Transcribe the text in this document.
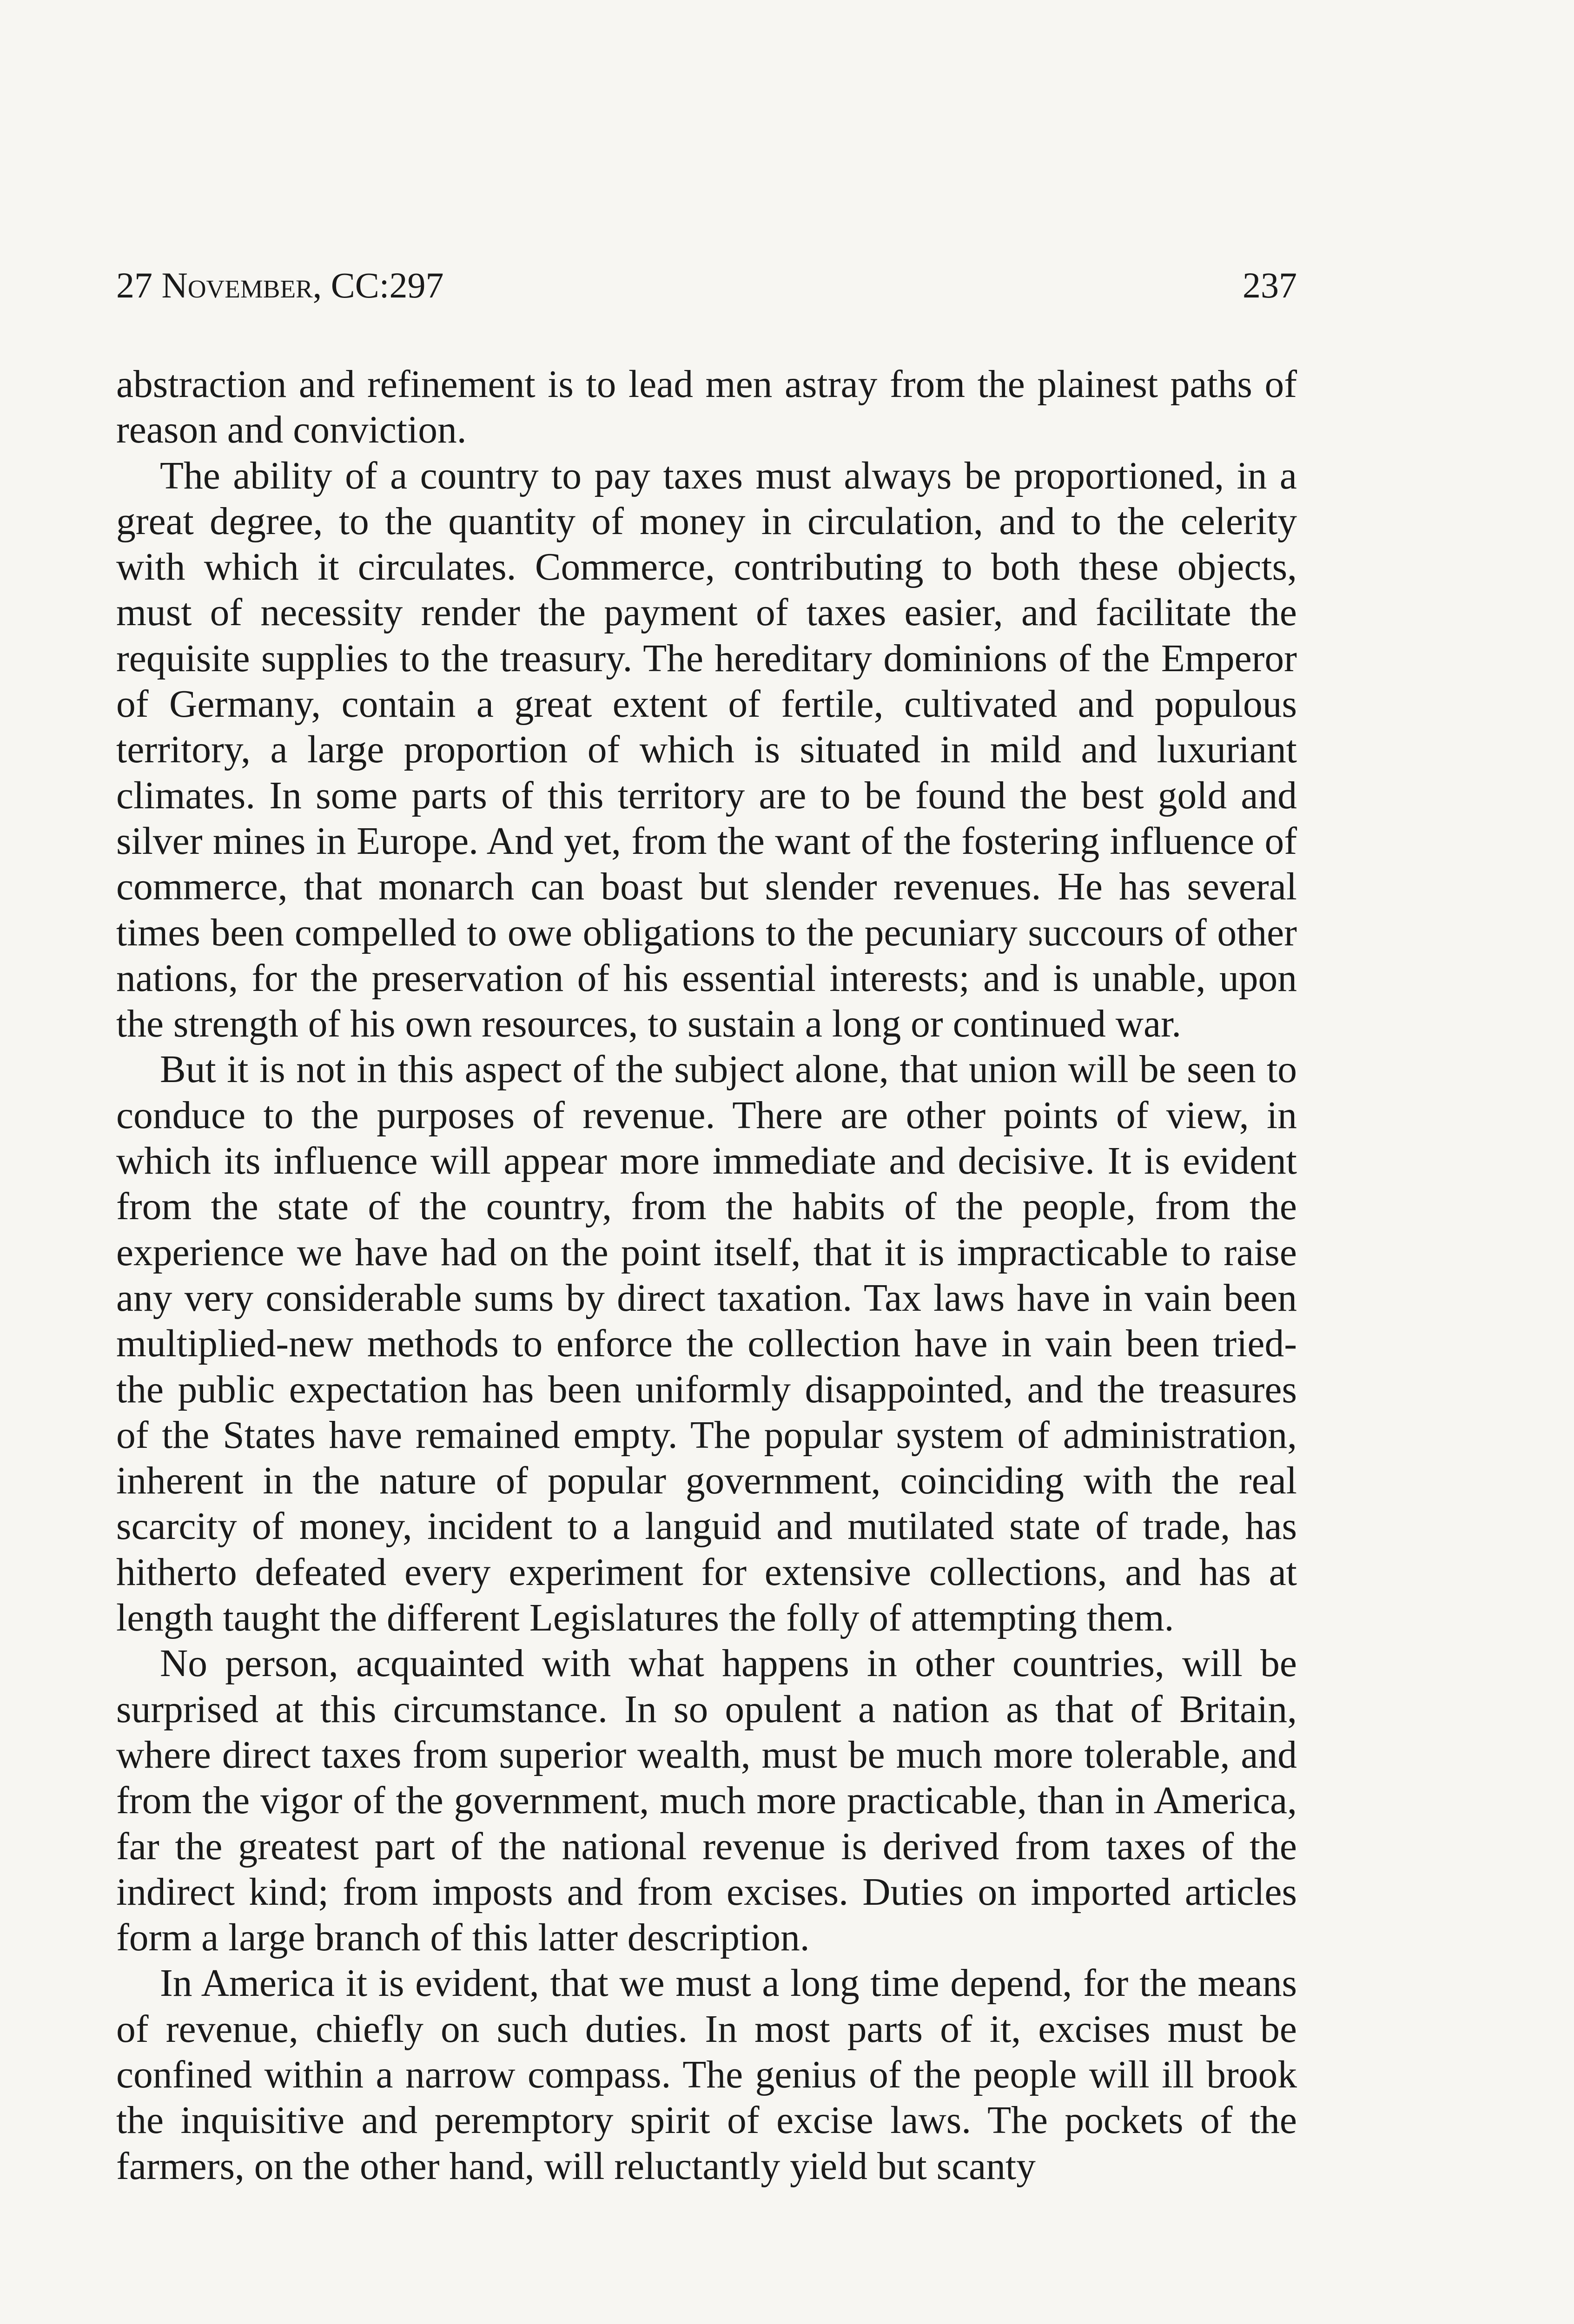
27 November, CC:297	237

abstraction and refinement is to lead men astray from the plainest paths of reason and conviction.

The ability of a country to pay taxes must always be proportioned, in a great degree, to the quantity of money in circulation, and to the celerity with which it circulates. Commerce, contributing to both these objects, must of necessity render the payment of taxes easier, and facilitate the requisite supplies to the treasury. The hereditary dominions of the Emperor of Germany, contain a great extent of fertile, cultivated and populous territory, a large proportion of which is situated in mild and luxuriant climates. In some parts of this territory are to be found the best gold and silver mines in Europe. And yet, from the want of the fostering influence of commerce, that monarch can boast but slender revenues. He has several times been compelled to owe obligations to the pecuniary succours of other nations, for the preservation of his essential interests; and is unable, upon the strength of his own resources, to sustain a long or continued war.

But it is not in this aspect of the subject alone, that union will be seen to conduce to the purposes of revenue. There are other points of view, in which its influence will appear more immediate and decisive. It is evident from the state of the country, from the habits of the people, from the experience we have had on the point itself, that it is impracticable to raise any very considerable sums by direct taxation. Tax laws have in vain been multiplied-new methods to enforce the collection have in vain been tried-the public expectation has been uniformly disappointed, and the treasures of the States have remained empty. The popular system of administration, inherent in the nature of popular government, coinciding with the real scarcity of money, incident to a languid and mutilated state of trade, has hitherto defeated every experiment for extensive collections, and has at length taught the different Legislatures the folly of attempting them.

No person, acquainted with what happens in other countries, will be surprised at this circumstance. In so opulent a nation as that of Britain, where direct taxes from superior wealth, must be much more tolerable, and from the vigor of the government, much more practicable, than in America, far the greatest part of the national revenue is derived from taxes of the indirect kind; from imposts and from excises. Duties on imported articles form a large branch of this latter description.

In America it is evident, that we must a long time depend, for the means of revenue, chiefly on such duties. In most parts of it, excises must be confined within a narrow compass. The genius of the people will ill brook the inquisitive and peremptory spirit of excise laws. The pockets of the farmers, on the other hand, will reluctantly yield but scanty
